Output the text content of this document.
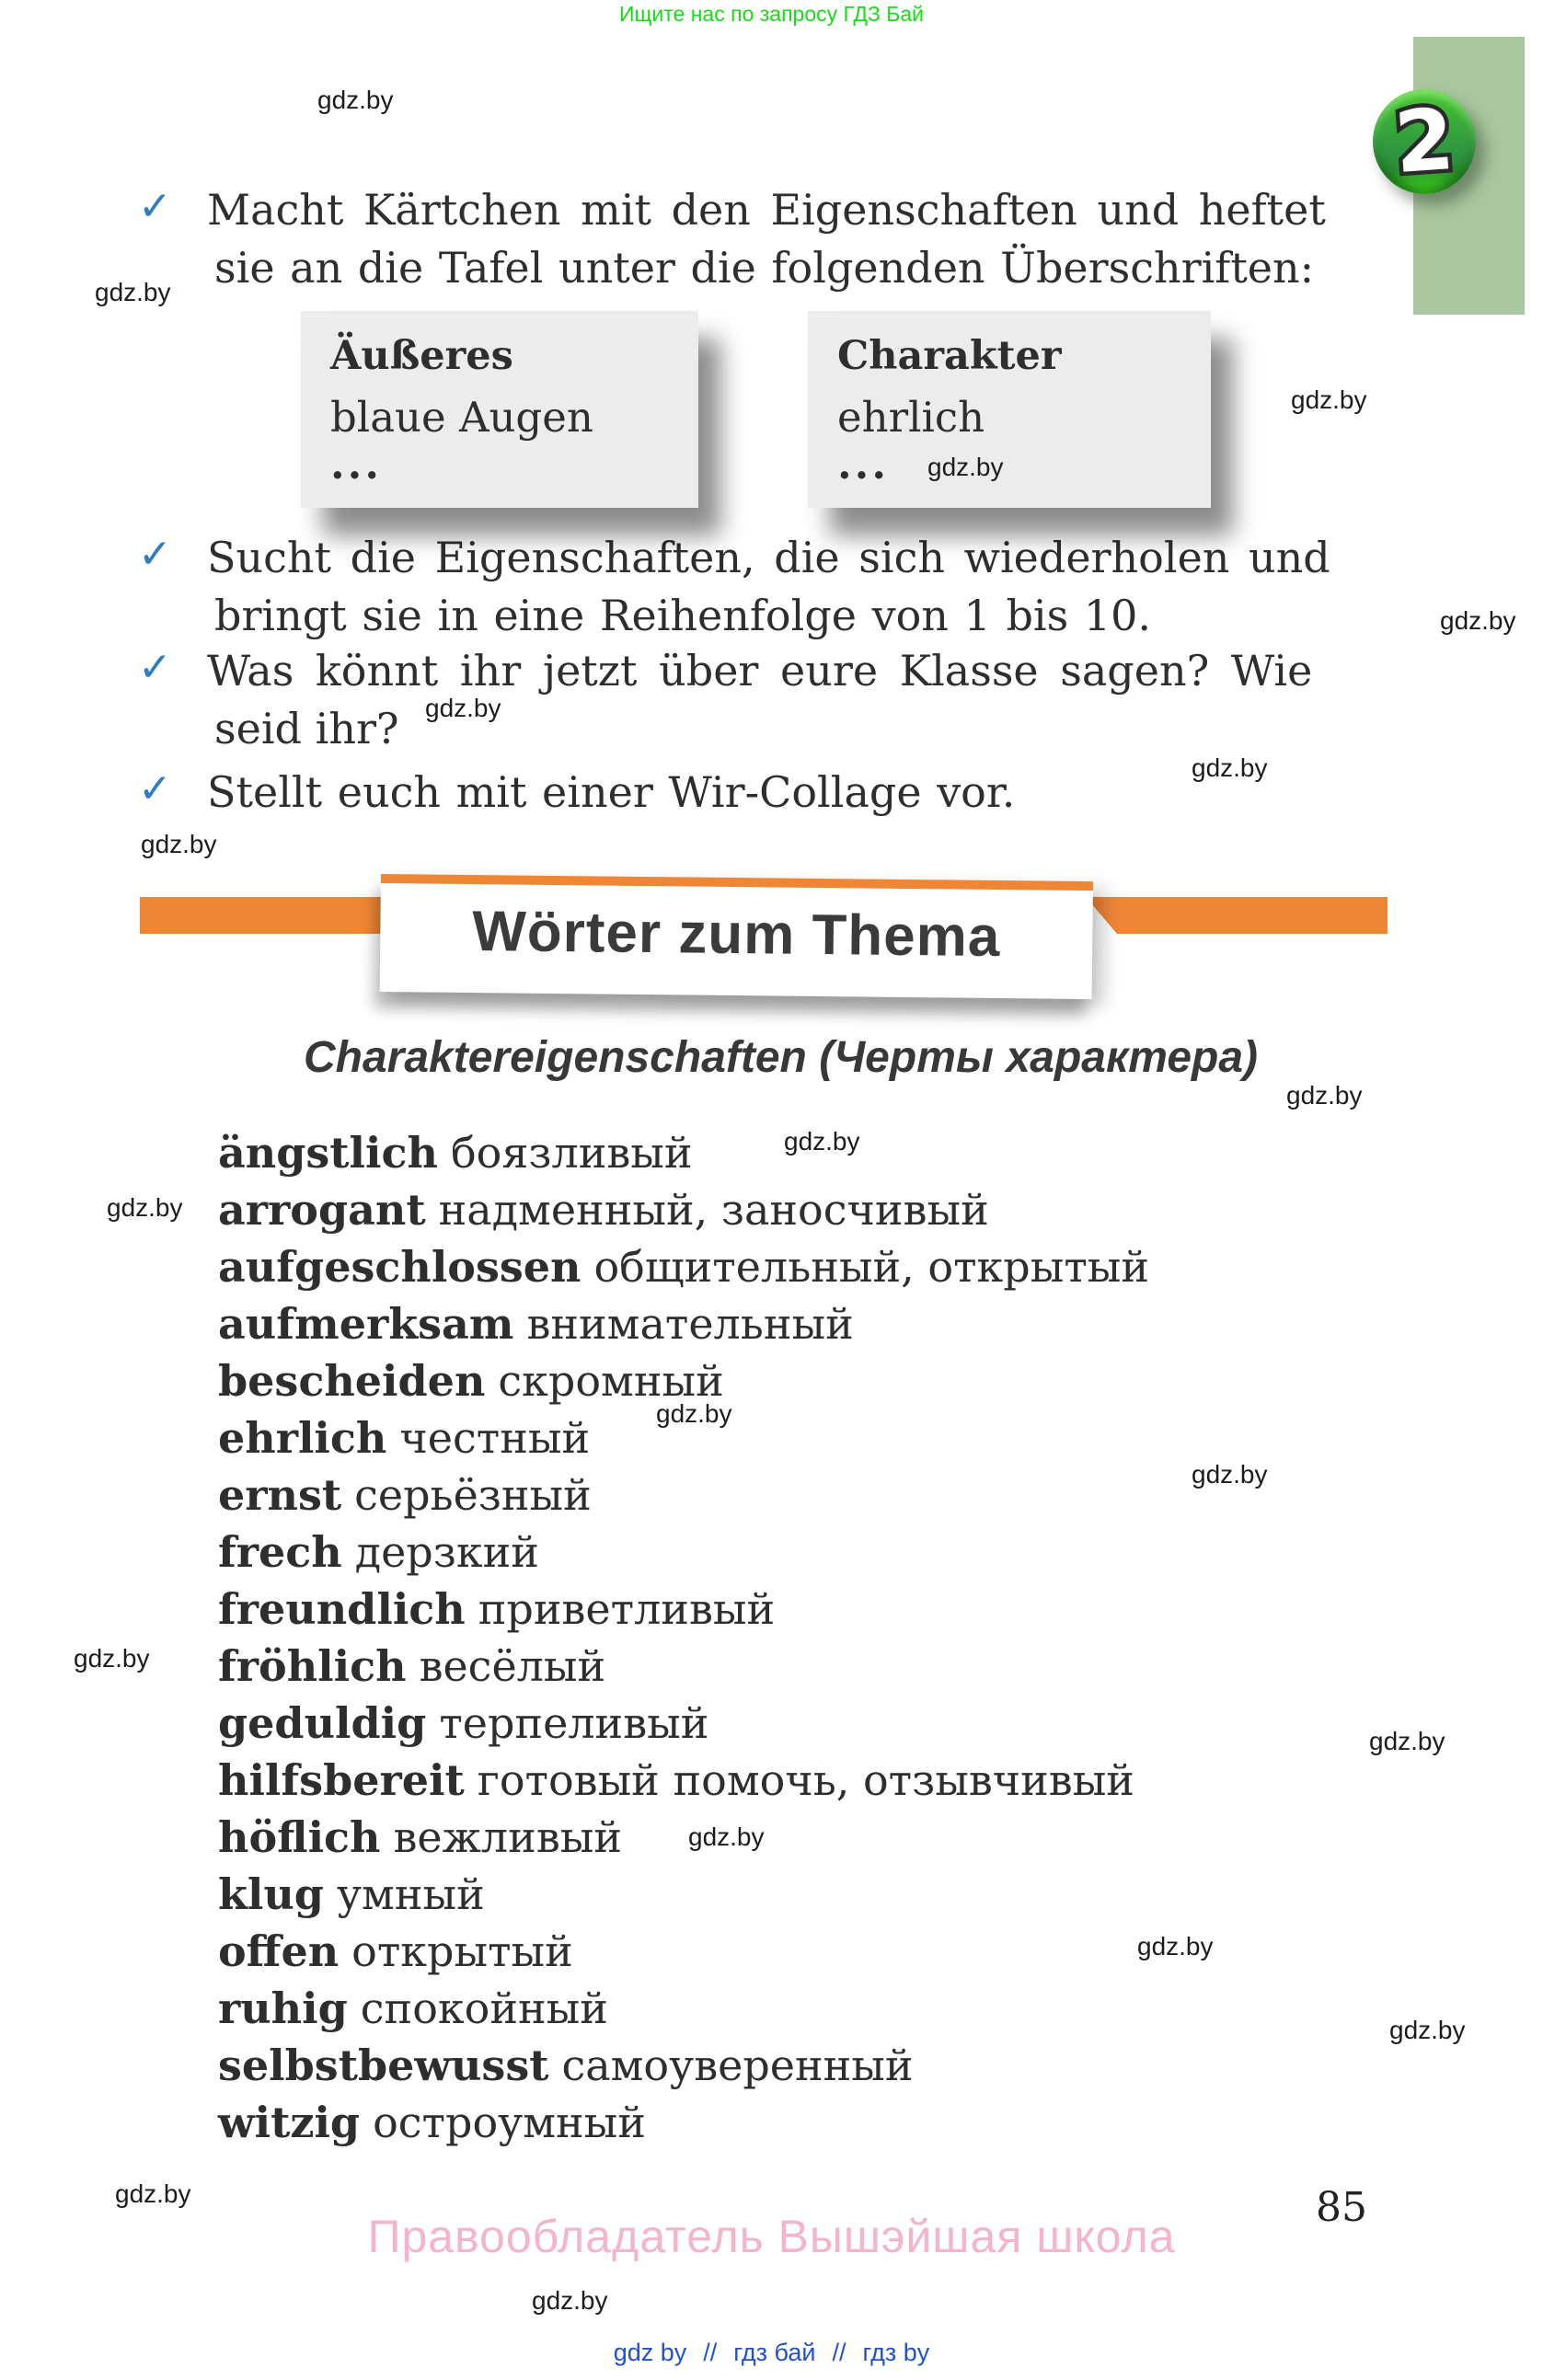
Ищите нас по запросу ГДЗ Бай
2
✓ Macht Kärtchen mit den Eigenschaften und heftet
sie an die Tafel unter die folgenden Überschriften:
✓ Sucht die Eigenschaften, die sich wiederholen und
bringt sie in eine Reihenfolge von 1 bis 10.
✓ Was könnt ihr jetzt über eure Klasse sagen? Wie
seid ihr?
✓ Stellt euch mit einer Wir-Collage vor.
Äußeres
blaue Augen
...
Charakter
ehrlich
...
Wörter zum Thema
Charaktereigenschaften (Черты характера)
ängstlich боязливый
arrogant надменный, заносчивый
aufgeschlossen общительный, открытый
aufmerksam внимательный
bescheiden скромный
ehrlich честный
ernst серьёзный
frech дерзкий
freundlich приветливый
fröhlich весёлый
geduldig терпеливый
hilfsbereit готовый помочь, отзывчивый
höflich вежливый
klug умный
offen открытый
ruhig спокойный
selbstbewusst самоуверенный
witzig остроумный
gdz.by
gdz.by
gdz.by
gdz.by
gdz.by
gdz.by
gdz.by
gdz.by
gdz.by
gdz.by
gdz.by
gdz.by
gdz.by
gdz.by
gdz.by
gdz.by
gdz.by
gdz.by
gdz.by
gdz.by
85
Правообладатель Вышэйшая школа
gdz by // гдз бай // гдз by
